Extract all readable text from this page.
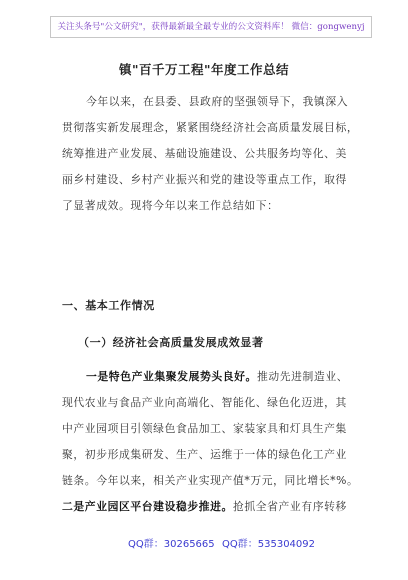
关注头条号"公文研究"，获得最新最全最专业的公文资料库！ 微信：gongwenyj
镇"百千万工程"年度工作总结
今年以来，在县委、县政府的坚强领导下，我镇深入
贯彻落实新发展理念，紧紧围绕经济社会高质量发展目标，
统筹推进产业发展、基础设施建设、公共服务均等化、美
丽乡村建设、乡村产业振兴和党的建设等重点工作，取得
了显著成效。现将今年以来工作总结如下：
一、基本工作情况
（一）经济社会高质量发展成效显著
一是特色产业集聚发展势头良好。推动先进制造业、
现代农业与食品产业向高端化、智能化、绿色化迈进，其
中产业园项目引领绿色食品加工、家装家具和灯具生产集
聚，初步形成集研发、生产、运维于一体的绿色化工产业
链条。今年以来，相关产业实现产值*万元，同比增长*%。
二是产业园区平台建设稳步推进。抢抓全省产业有序转移
QQ群：30265665 QQ群：535304092
